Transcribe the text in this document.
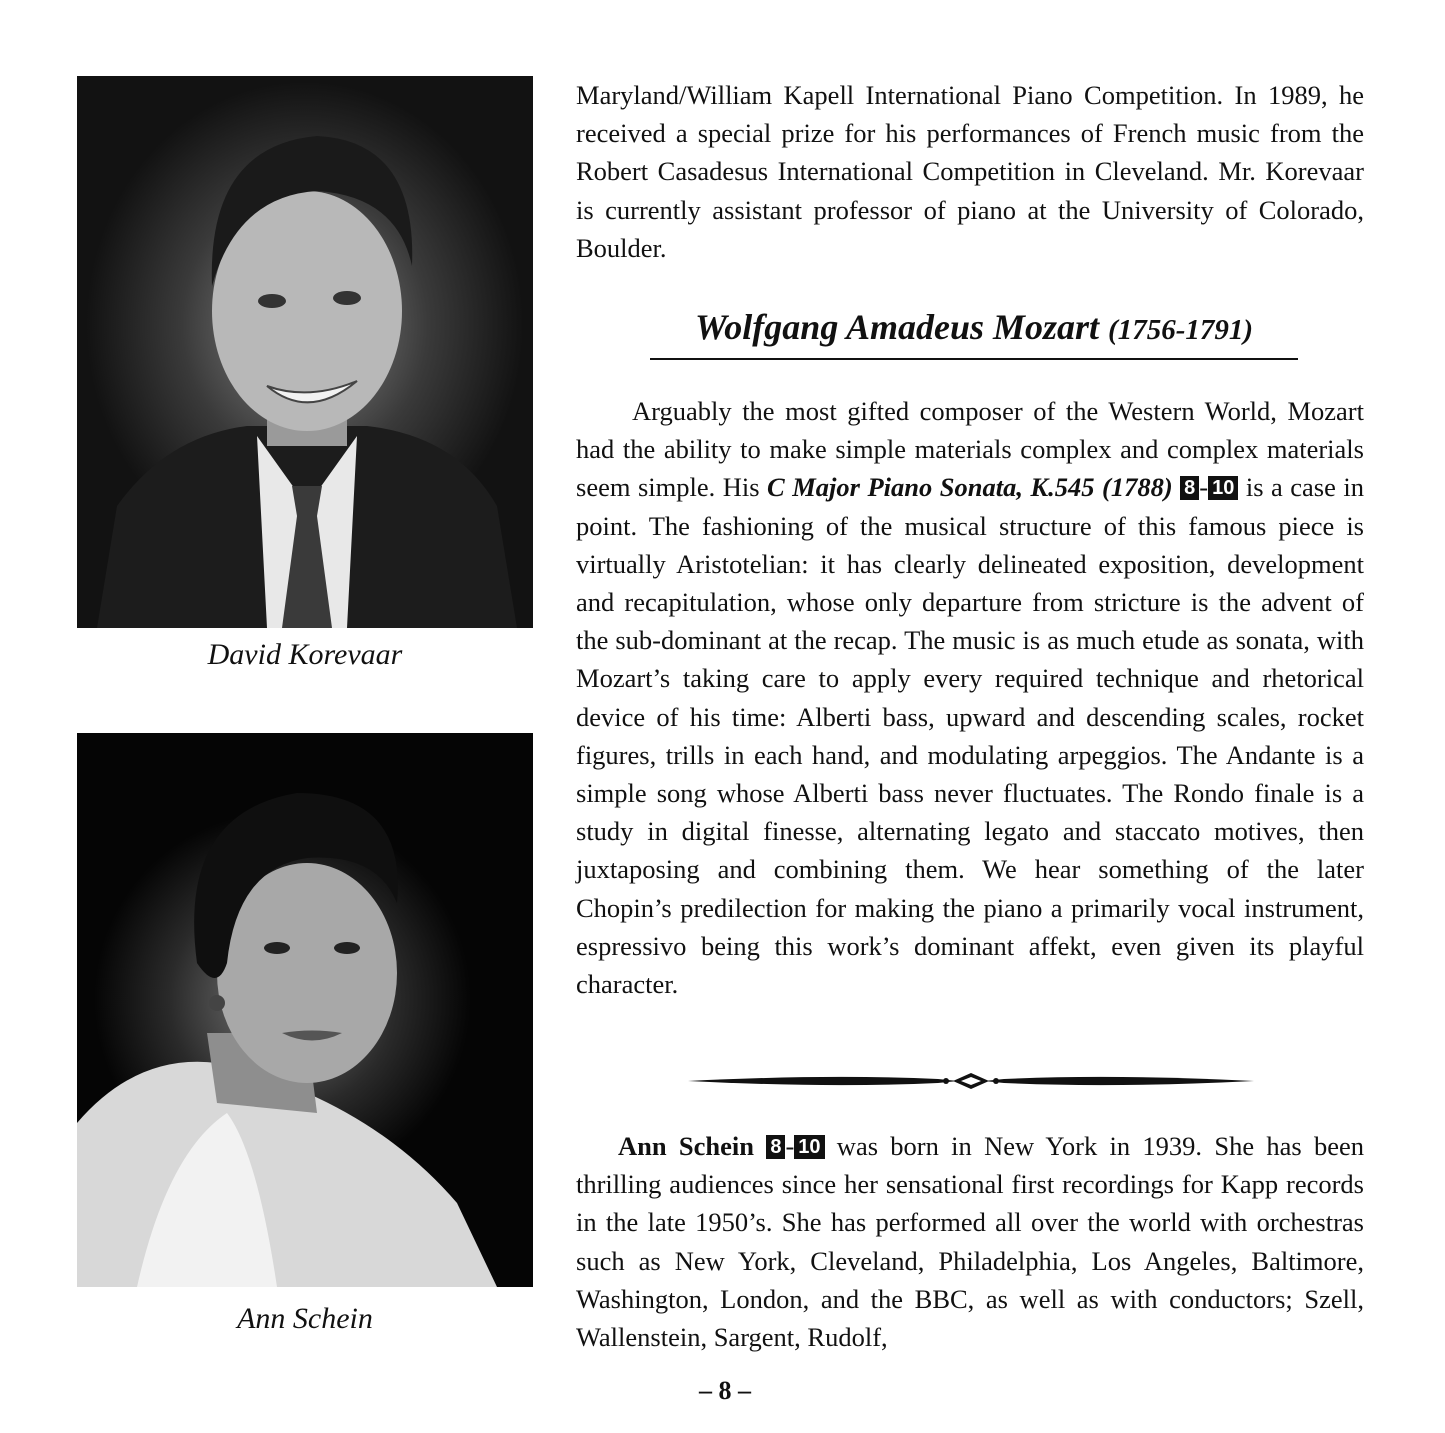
David Korevaar
Ann Schein
Maryland/William Kapell International Piano Competition. In 1989, he received a special prize for his performances of French music from the Robert Casadesus International Competition in Cleveland. Mr. Korevaar is currently assistant professor of piano at the University of Colorado, Boulder.
Wolfgang Amadeus Mozart (1756-1791)
Arguably the most gifted composer of the Western World, Mozart had the ability to make simple materials complex and complex materials seem simple. His C Major Piano Sonata, K.545 (1788) 8 - 10 is a case in point. The fashioning of the musical structure of this famous piece is virtually Aristotelian: it has clearly delineated exposition, development and recapitulation, whose only departure from stricture is the advent of the sub-dominant at the recap. The music is as much etude as sonata, with Mozart’s taking care to apply every required technique and rhetorical device of his time: Alberti bass, upward and descending scales, rocket figures, trills in each hand, and modulating arpeggios. The Andante is a simple song whose Alberti bass never fluctuates. The Rondo finale is a study in digital finesse, alternating legato and staccato motives, then juxtaposing and combining them. We hear something of the later Chopin’s predilection for making the piano a primarily vocal instrument, espressivo being this work’s dominant affekt, even given its playful character.
Ann Schein 8 - 10 was born in New York in 1939. She has been thrilling audiences since her sensational first recordings for Kapp records in the late 1950’s. She has performed all over the world with orchestras such as New York, Cleveland, Philadelphia, Los Angeles, Baltimore, Washington, London, and the BBC, as well as with conductors; Szell, Wallenstein, Sargent, Rudolf,
– 8 –
